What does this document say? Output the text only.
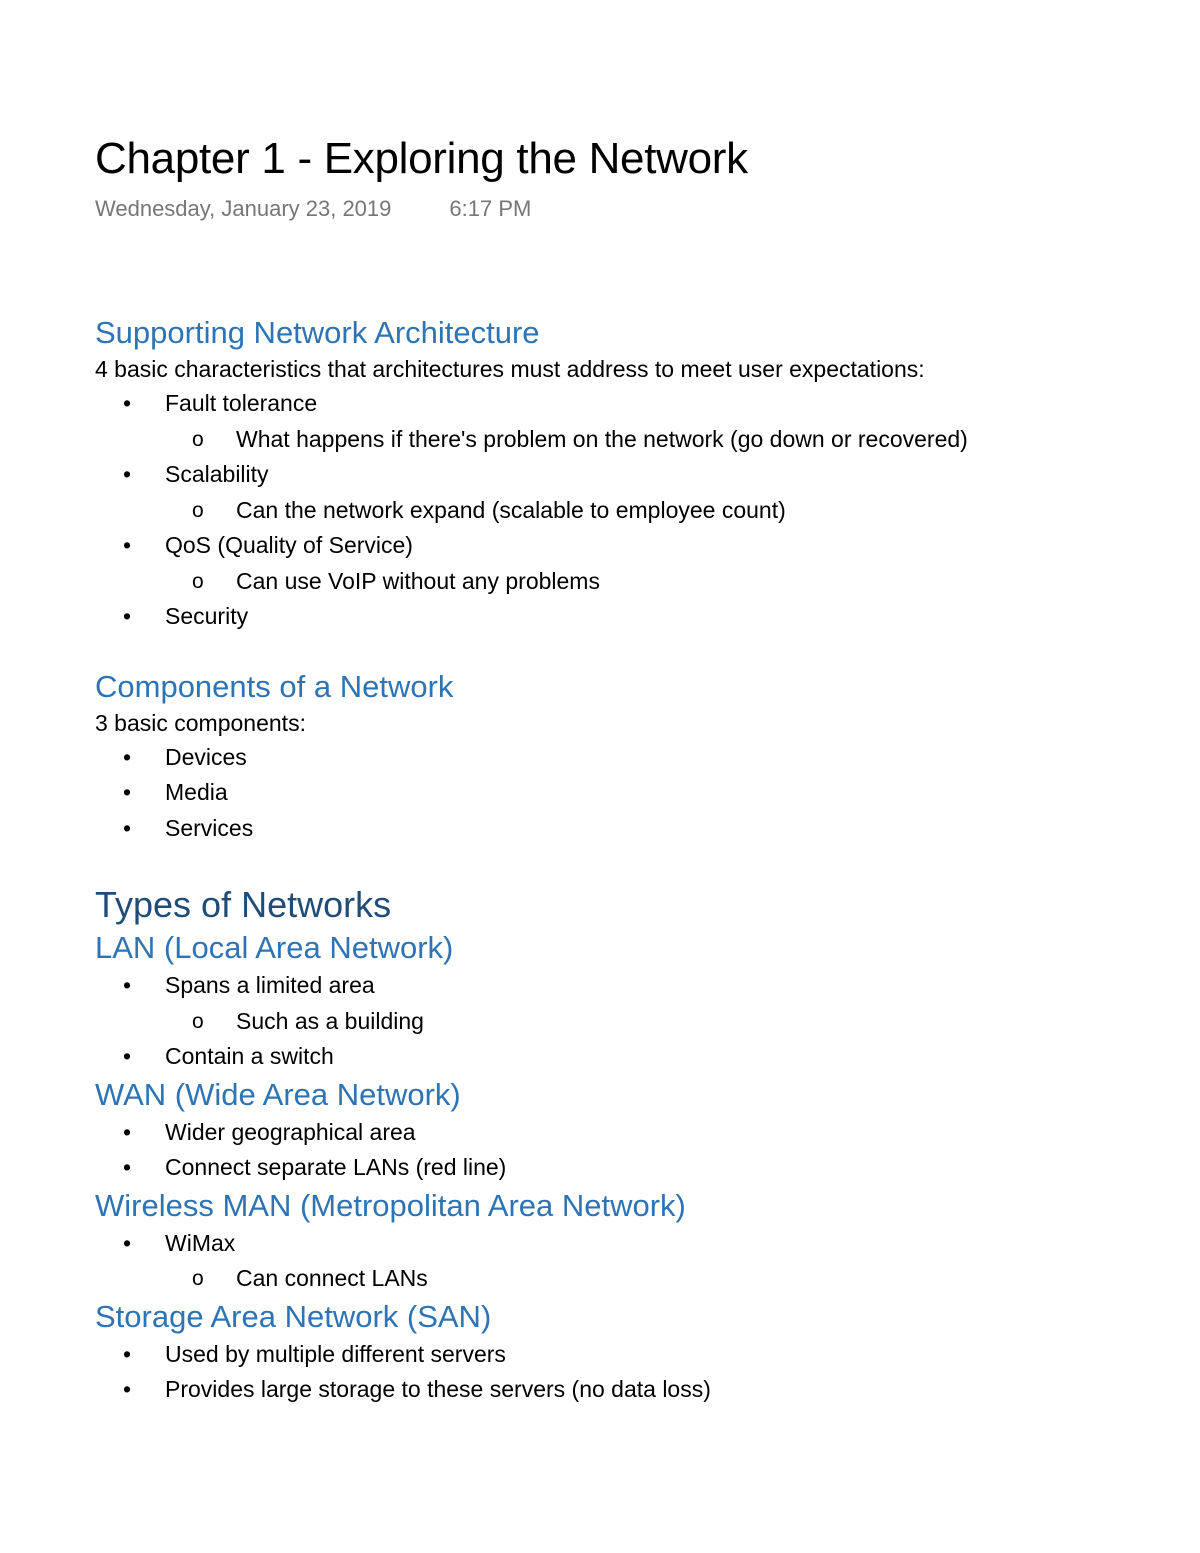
Chapter 1 - Exploring the Network
Wednesday, January 23, 2019	6:17 PM
Supporting Network Architecture

4 basic characteristics that architectures must address to meet user expectations:

• Fault tolerance
o What happens if there's problem on the network (go down or recovered)
• Scalability
o Can the network expand (scalable to employee count)
• QoS (Quality of Service)
o Can use VoIP without any problems
• Security
Components of a Network

3 basic components:

• Devices
• Media
• Services
Types of Networks
LAN (Local Area Network)
• Spans a limited area
o Such as a building
• Contain a switch
WAN (Wide Area Network)
• Wider geographical area
• Connect separate LANs (red line)
Wireless MAN (Metropolitan Area Network)
• WiMax
o Can connect LANs
Storage Area Network (SAN)
• Used by multiple different servers
• Provides large storage to these servers (no data loss)
